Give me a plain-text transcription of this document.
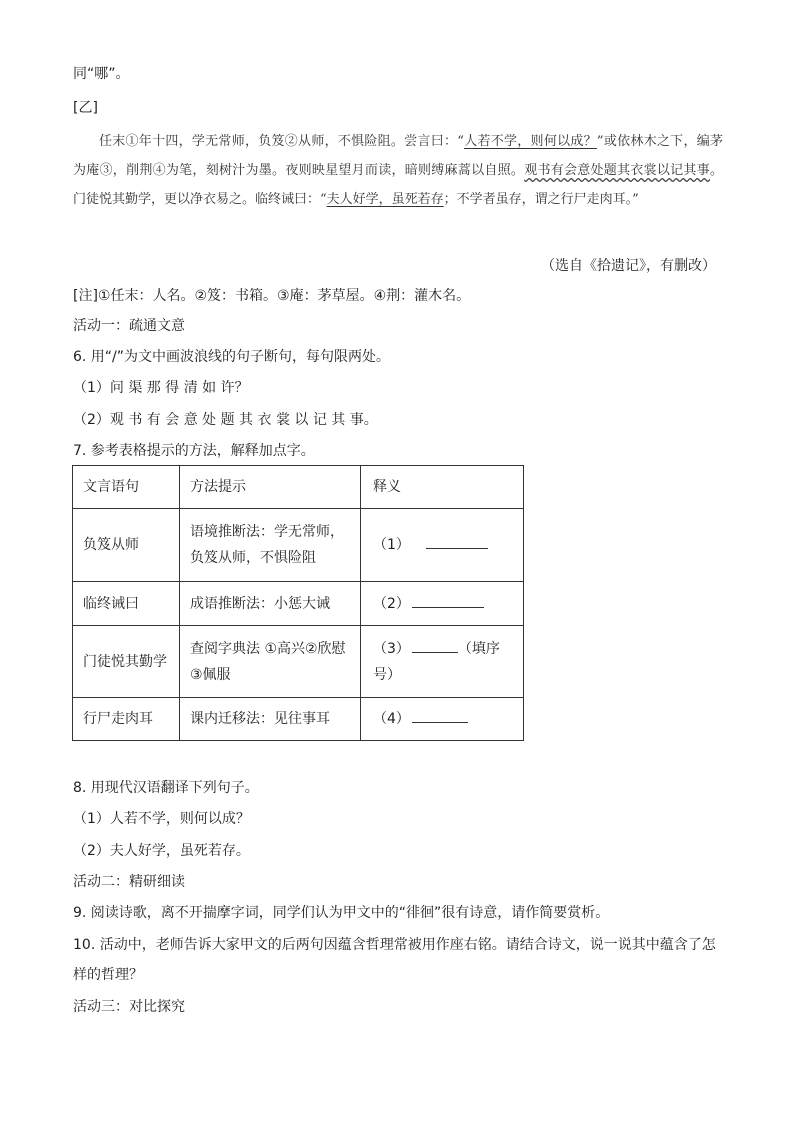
同“哪”。
[乙]

任末①年十四，学无常师，负笈②从师，不惧险阻。尝言曰：“人若不学，则何以成？”或依林木之下，编茅为庵③，削荆④为笔，刻树汁为墨。夜则映星望月而读，暗则缚麻蒿以自照。观书有会意处题其衣裳以记其事。门徒悦其勤学，更以净衣易之。临终诫曰：“夫人好学，虽死若存；不学者虽存，谓之行尸走肉耳。”

（选自《拾遗记》，有删改）
[注]①任末：人名。②笈：书箱。③庵：茅草屋。④荆：灌木名。
活动一：疏通文意
6. 用“/”为文中画波浪线的句子断句，每句限两处。
（1）问 渠 那 得 清 如 许？
（2）观 书 有 会 意 处 题 其 衣 裳 以 记 其 事。
7. 参考表格提示的方法，解释加点字。
文言语句	方法提示	释义
负笈从师	语境推断法：学无常师，负笈从师，不惧险阻	（1）
临终诫曰	成语推断法：小惩大诫	（2）
门徒悦其勤学	查阅字典法 ①高兴②欣慰③佩服	（3） （填序号）
行尸走肉耳	课内迁移法：见往事耳	（4）
8. 用现代汉语翻译下列句子。
（1）人若不学，则何以成？
（2）夫人好学，虽死若存。
活动二：精研细读
9. 阅读诗歌，离不开揣摩字词，同学们认为甲文中的“徘徊”很有诗意，请作简要赏析。
10. 活动中，老师告诉大家甲文的后两句因蕴含哲理常被用作座右铭。请结合诗文，说一说其中蕴含了怎
样的哲理？
活动三：对比探究
